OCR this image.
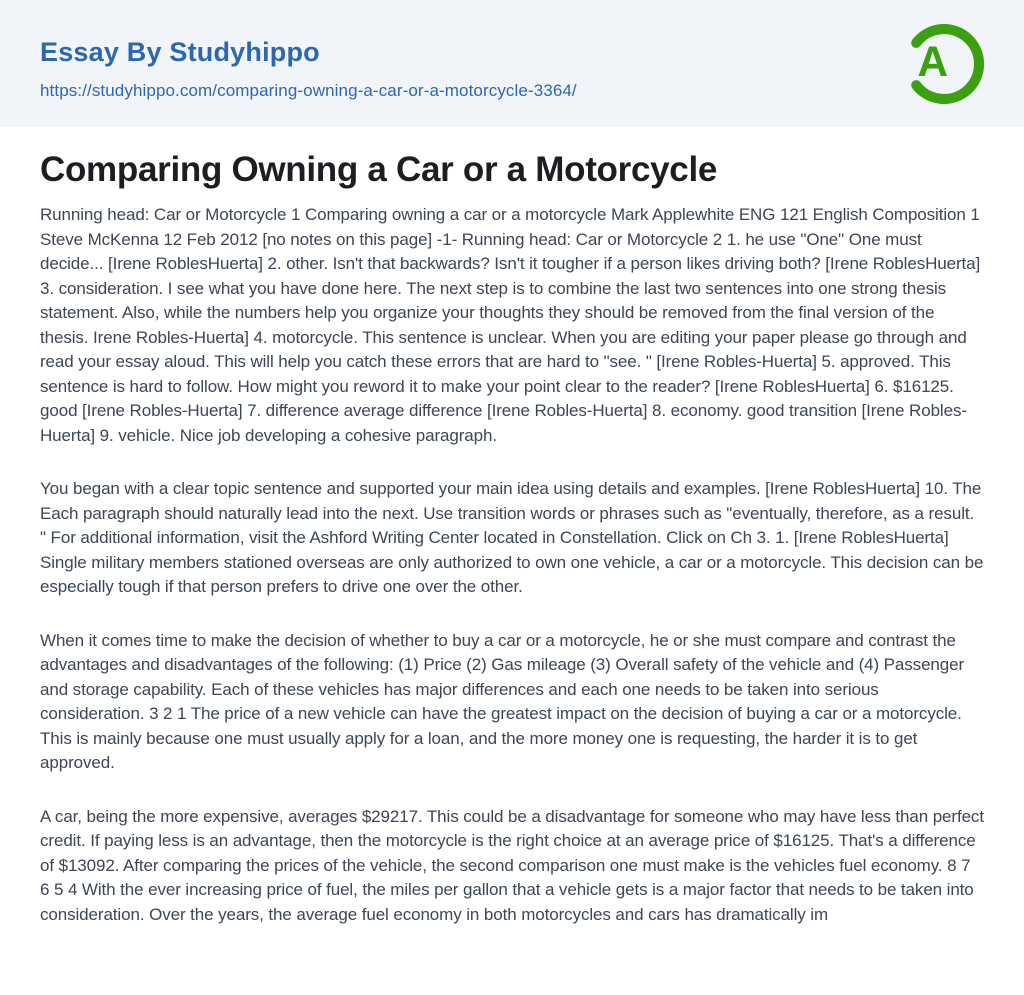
Essay By Studyhippo
https://studyhippo.com/comparing-owning-a-car-or-a-motorcycle-3364/
A
Comparing Owning a Car or a Motorcycle

Running head: Car or Motorcycle 1 Comparing owning a car or a motorcycle Mark Applewhite ENG 121 English Composition 1 Steve McKenna 12 Feb 2012 [no notes on this page] -1- Running head: Car or Motorcycle 2 1. he use "One" One must decide... [Irene RoblesHuerta] 2. other. Isn't that backwards? Isn't it tougher if a person likes driving both? [Irene RoblesHuerta] 3. consideration. I see what you have done here. The next step is to combine the last two sentences into one strong thesis statement. Also, while the numbers help you organize your thoughts they should be removed from the final version of the thesis. Irene Robles-Huerta] 4. motorcycle. This sentence is unclear. When you are editing your paper please go through and read your essay aloud. This will help you catch these errors that are hard to "see. " [Irene Robles-Huerta] 5. approved. This sentence is hard to follow. How might you reword it to make your point clear to the reader? [Irene RoblesHuerta] 6. $16125. good [Irene Robles-Huerta] 7. difference average difference [Irene Robles-Huerta] 8. economy. good transition [Irene Robles-Huerta] 9. vehicle. Nice job developing a cohesive paragraph.

You began with a clear topic sentence and supported your main idea using details and examples. [Irene RoblesHuerta] 10. The Each paragraph should naturally lead into the next. Use transition words or phrases such as "eventually, therefore, as a result. " For additional information, visit the Ashford Writing Center located in Constellation. Click on Ch 3. 1. [Irene RoblesHuerta] Single military members stationed overseas are only authorized to own one vehicle, a car or a motorcycle. This decision can be especially tough if that person prefers to drive one over the other.

When it comes time to make the decision of whether to buy a car or a motorcycle, he or she must compare and contrast the advantages and disadvantages of the following: (1) Price (2) Gas mileage (3) Overall safety of the vehicle and (4) Passenger and storage capability. Each of these vehicles has major differences and each one needs to be taken into serious consideration. 3 2 1 The price of a new vehicle can have the greatest impact on the decision of buying a car or a motorcycle. This is mainly because one must usually apply for a loan, and the more money one is requesting, the harder it is to get approved.

A car, being the more expensive, averages $29217. This could be a disadvantage for someone who may have less than perfect credit. If paying less is an advantage, then the motorcycle is the right choice at an average price of $16125. That's a difference of $13092. After comparing the prices of the vehicle, the second comparison one must make is the vehicles fuel economy. 8 7 6 5 4 With the ever increasing price of fuel, the miles per gallon that a vehicle gets is a major factor that needs to be taken into consideration. Over the years, the average fuel economy in both motorcycles and cars has dramatically im
